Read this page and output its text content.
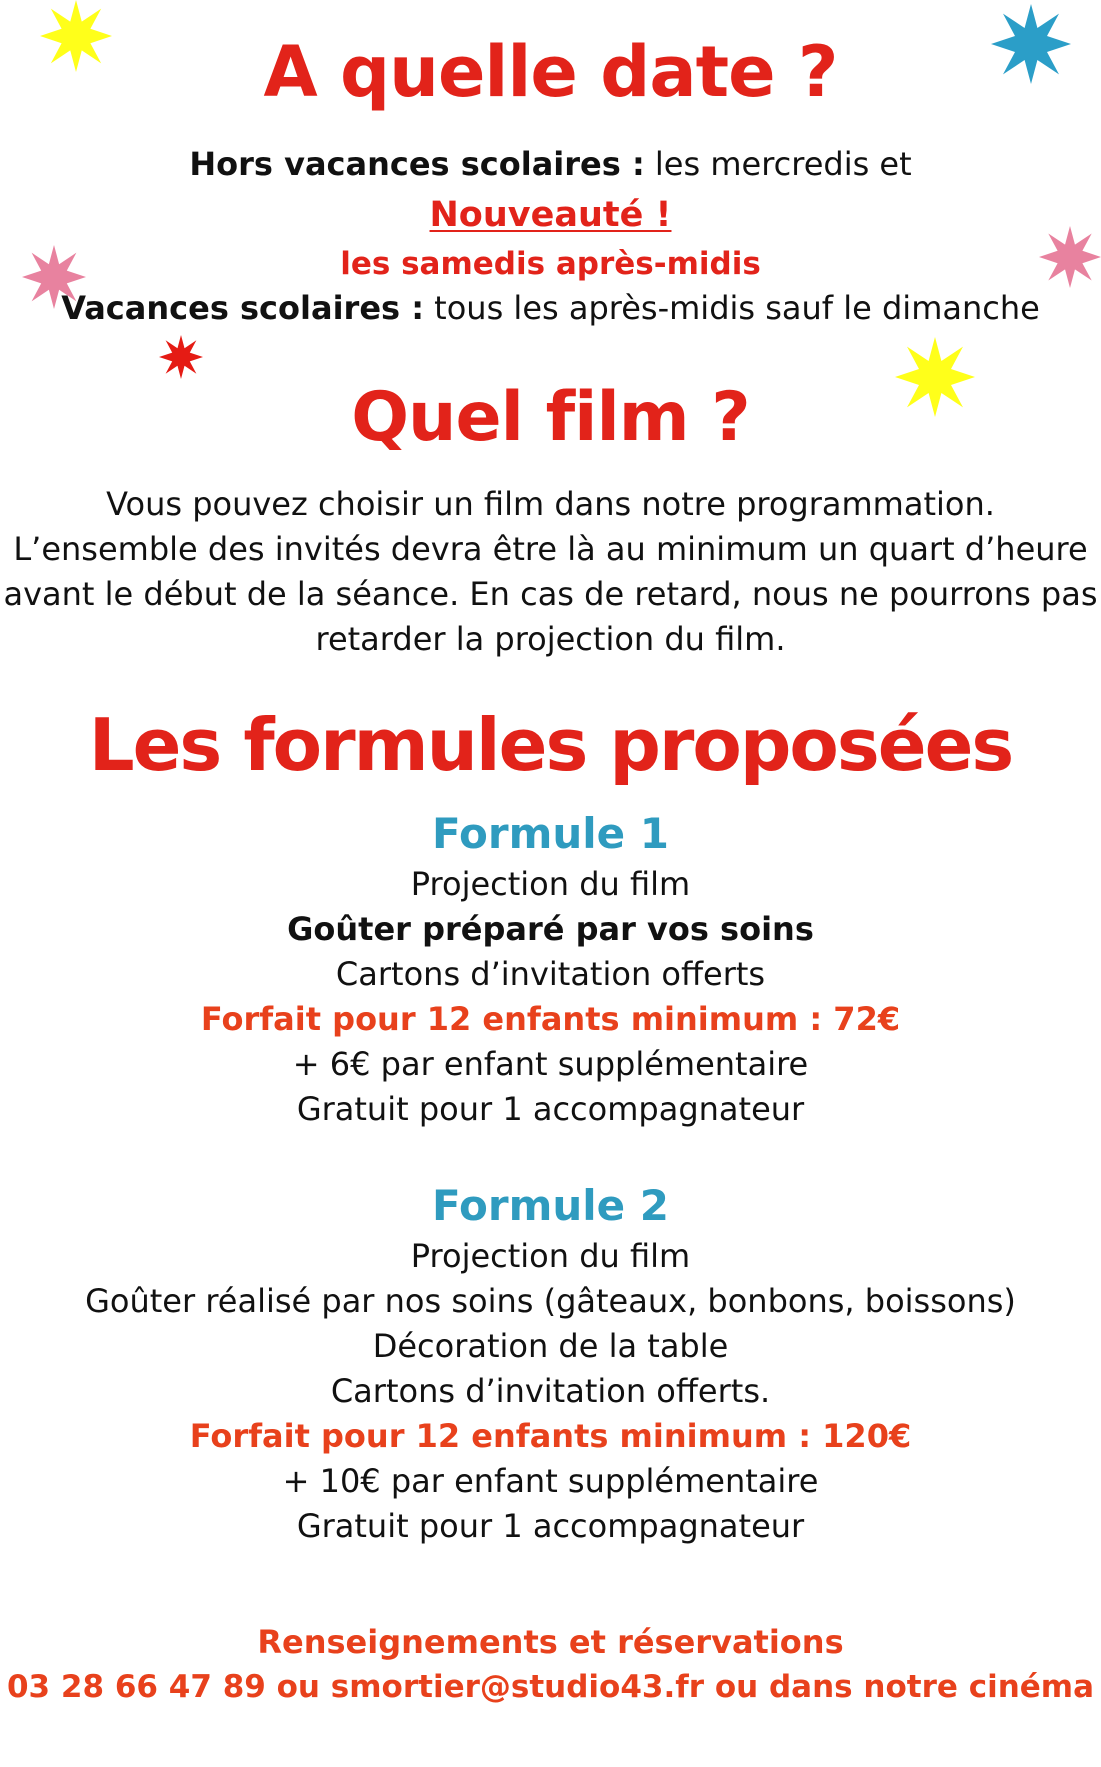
A quelle date ?
Hors vacances scolaires : les mercredis et
Nouveauté !
les samedis après-midis
Vacances scolaires : tous les après-midis sauf le dimanche
Quel film ?
Vous pouvez choisir un film dans notre programmation.
L’ensemble des invités devra être là au minimum un quart d’heure
avant le début de la séance. En cas de retard, nous ne pourrons pas
retarder la projection du film.
Les formules proposées
Formule 1
Projection du film
Goûter préparé par vos soins
Cartons d’invitation offerts
Forfait pour 12 enfants minimum : 72€
+ 6€ par enfant supplémentaire
Gratuit pour 1 accompagnateur
Formule 2
Projection du film
Goûter réalisé par nos soins (gâteaux, bonbons, boissons)
Décoration de la table
Cartons d’invitation offerts.
Forfait pour 12 enfants minimum : 120€
+ 10€ par enfant supplémentaire
Gratuit pour 1 accompagnateur
Renseignements et réservations
03 28 66 47 89 ou smortier@studio43.fr ou dans notre cinéma
